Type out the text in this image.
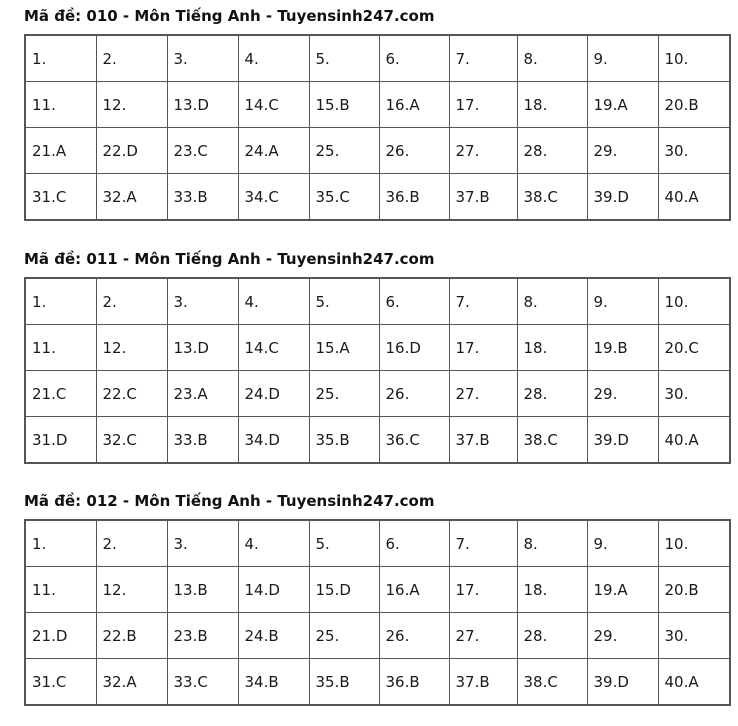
Mã đề: 010 - Môn Tiếng Anh - Tuyensinh247.com
1.	2.	3.	4.	5.	6.	7.	8.	9.	10.
11.	12.	13.D	14.C	15.B	16.A	17.	18.	19.A	20.B
21.A	22.D	23.C	24.A	25.	26.	27.	28.	29.	30.
31.C	32.A	33.B	34.C	35.C	36.B	37.B	38.C	39.D	40.A
Mã đề: 011 - Môn Tiếng Anh - Tuyensinh247.com
1.	2.	3.	4.	5.	6.	7.	8.	9.	10.
11.	12.	13.D	14.C	15.A	16.D	17.	18.	19.B	20.C
21.C	22.C	23.A	24.D	25.	26.	27.	28.	29.	30.
31.D	32.C	33.B	34.D	35.B	36.C	37.B	38.C	39.D	40.A
Mã đề: 012 - Môn Tiếng Anh - Tuyensinh247.com
1.	2.	3.	4.	5.	6.	7.	8.	9.	10.
11.	12.	13.B	14.D	15.D	16.A	17.	18.	19.A	20.B
21.D	22.B	23.B	24.B	25.	26.	27.	28.	29.	30.
31.C	32.A	33.C	34.B	35.B	36.B	37.B	38.C	39.D	40.A
